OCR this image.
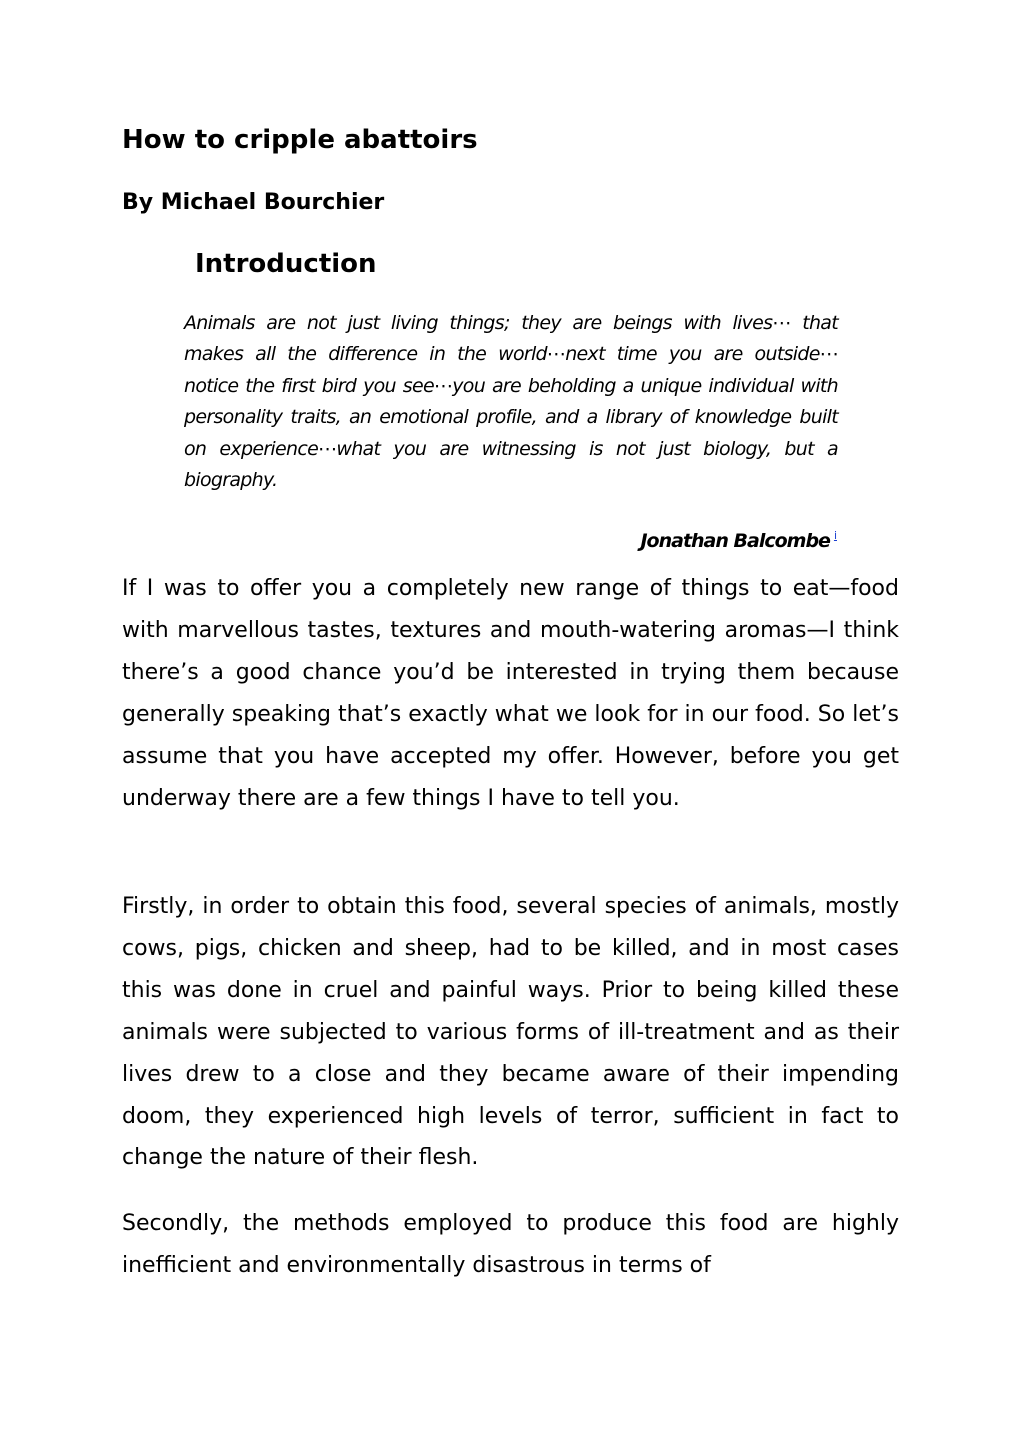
How to cripple abattoirs
By Michael Bourchier
Introduction

Animals are not just living things; they are beings with lives⋯ that makes all the difference in the world⋯next time you are outside⋯ notice the first bird you see⋯you are beholding a unique individual with personality traits, an emotional profile, and a library of knowledge built on experience⋯what you are witnessing is not just biology, but a biography.

Jonathan Balcombe $^i$

If I was to offer you a completely new range of things to eat—food with marvellous tastes, textures and mouth-watering aromas—I think there’s a good chance you’d be interested in trying them because generally speaking that’s exactly what we look for in our food. So let’s assume that you have accepted my offer. However, before you get underway there are a few things I have to tell you.

Firstly, in order to obtain this food, several species of animals, mostly cows, pigs, chicken and sheep, had to be killed, and in most cases this was done in cruel and painful ways. Prior to being killed these animals were subjected to various forms of ill-treatment and as their lives drew to a close and they became aware of their impending doom, they experienced high levels of terror, sufficient in fact to change the nature of their flesh.

Secondly, the methods employed to produce this food are highly inefficient and environmentally disastrous in terms of
